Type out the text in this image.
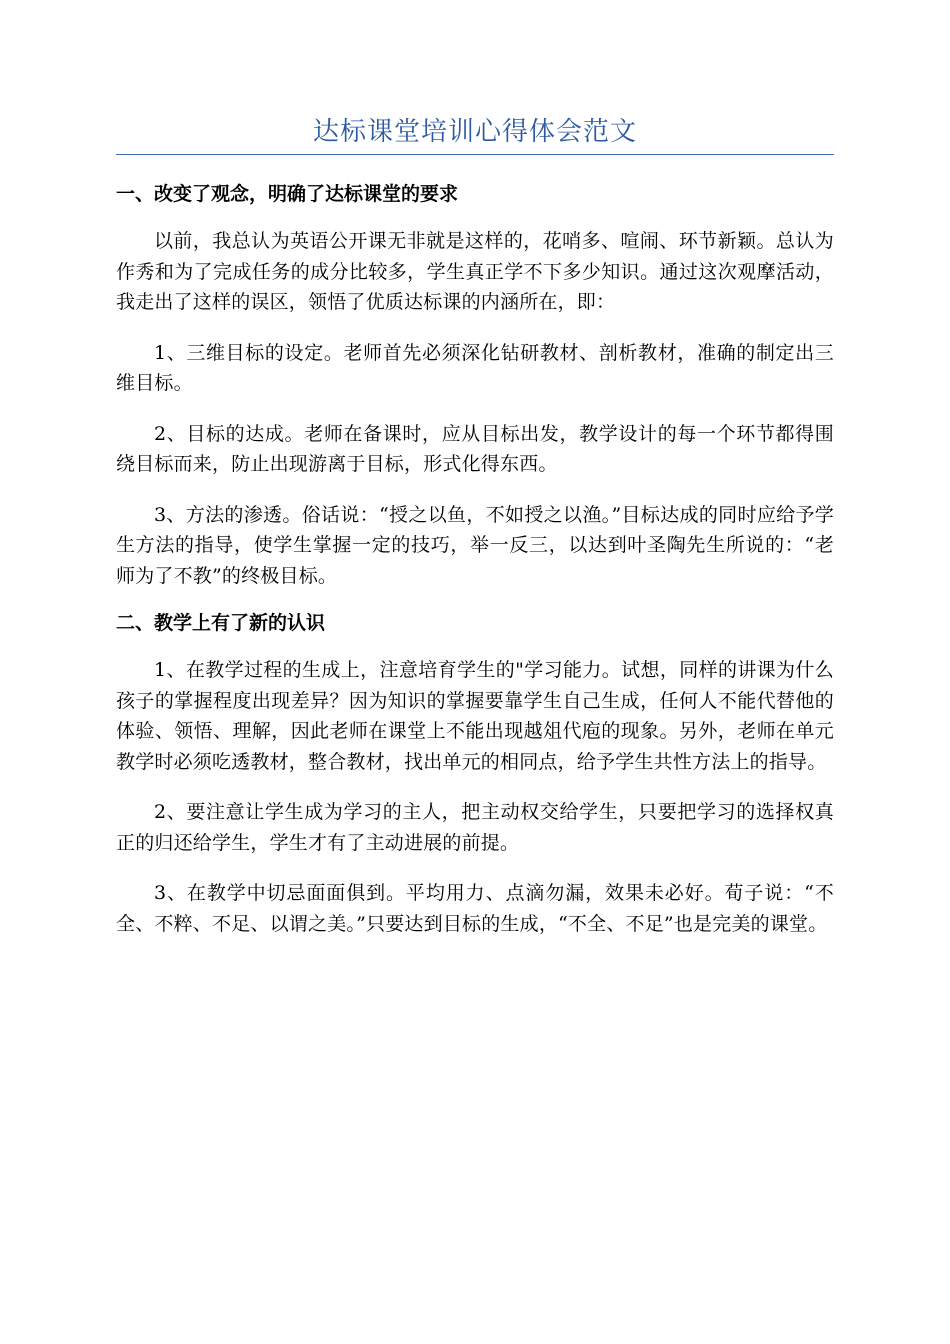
达标课堂培训心得体会范文
一、改变了观念，明确了达标课堂的要求

以前，我总认为英语公开课无非就是这样的，花哨多、喧闹、环节新颖。总认为作秀和为了完成任务的成分比较多，学生真正学不下多少知识。通过这次观摩活动，我走出了这样的误区，领悟了优质达标课的内涵所在，即：

1、三维目标的设定。老师首先必须深化钻研教材、剖析教材，准确的制定出三维目标。

2、目标的达成。老师在备课时，应从目标出发，教学设计的每一个环节都得围绕目标而来，防止出现游离于目标，形式化得东西。

3、方法的渗透。俗话说：“授之以鱼，不如授之以渔。”目标达成的同时应给予学生方法的指导，使学生掌握一定的技巧，举一反三，以达到叶圣陶先生所说的：“老师为了不教”的终极目标。

二、教学上有了新的认识

1、在教学过程的生成上，注意培育学生的"学习能力。试想，同样的讲课为什么孩子的掌握程度出现差异？因为知识的掌握要靠学生自己生成，任何人不能代替他的体验、领悟、理解，因此老师在课堂上不能出现越俎代庖的现象。另外，老师在单元教学时必须吃透教材，整合教材，找出单元的相同点，给予学生共性方法上的指导。

2、要注意让学生成为学习的主人，把主动权交给学生，只要把学习的选择权真正的归还给学生，学生才有了主动进展的前提。

3、在教学中切忌面面俱到。平均用力、点滴勿漏，效果未必好。荀子说：“不全、不粹、不足、以谓之美。”只要达到目标的生成，“不全、不足”也是完美的课堂。
